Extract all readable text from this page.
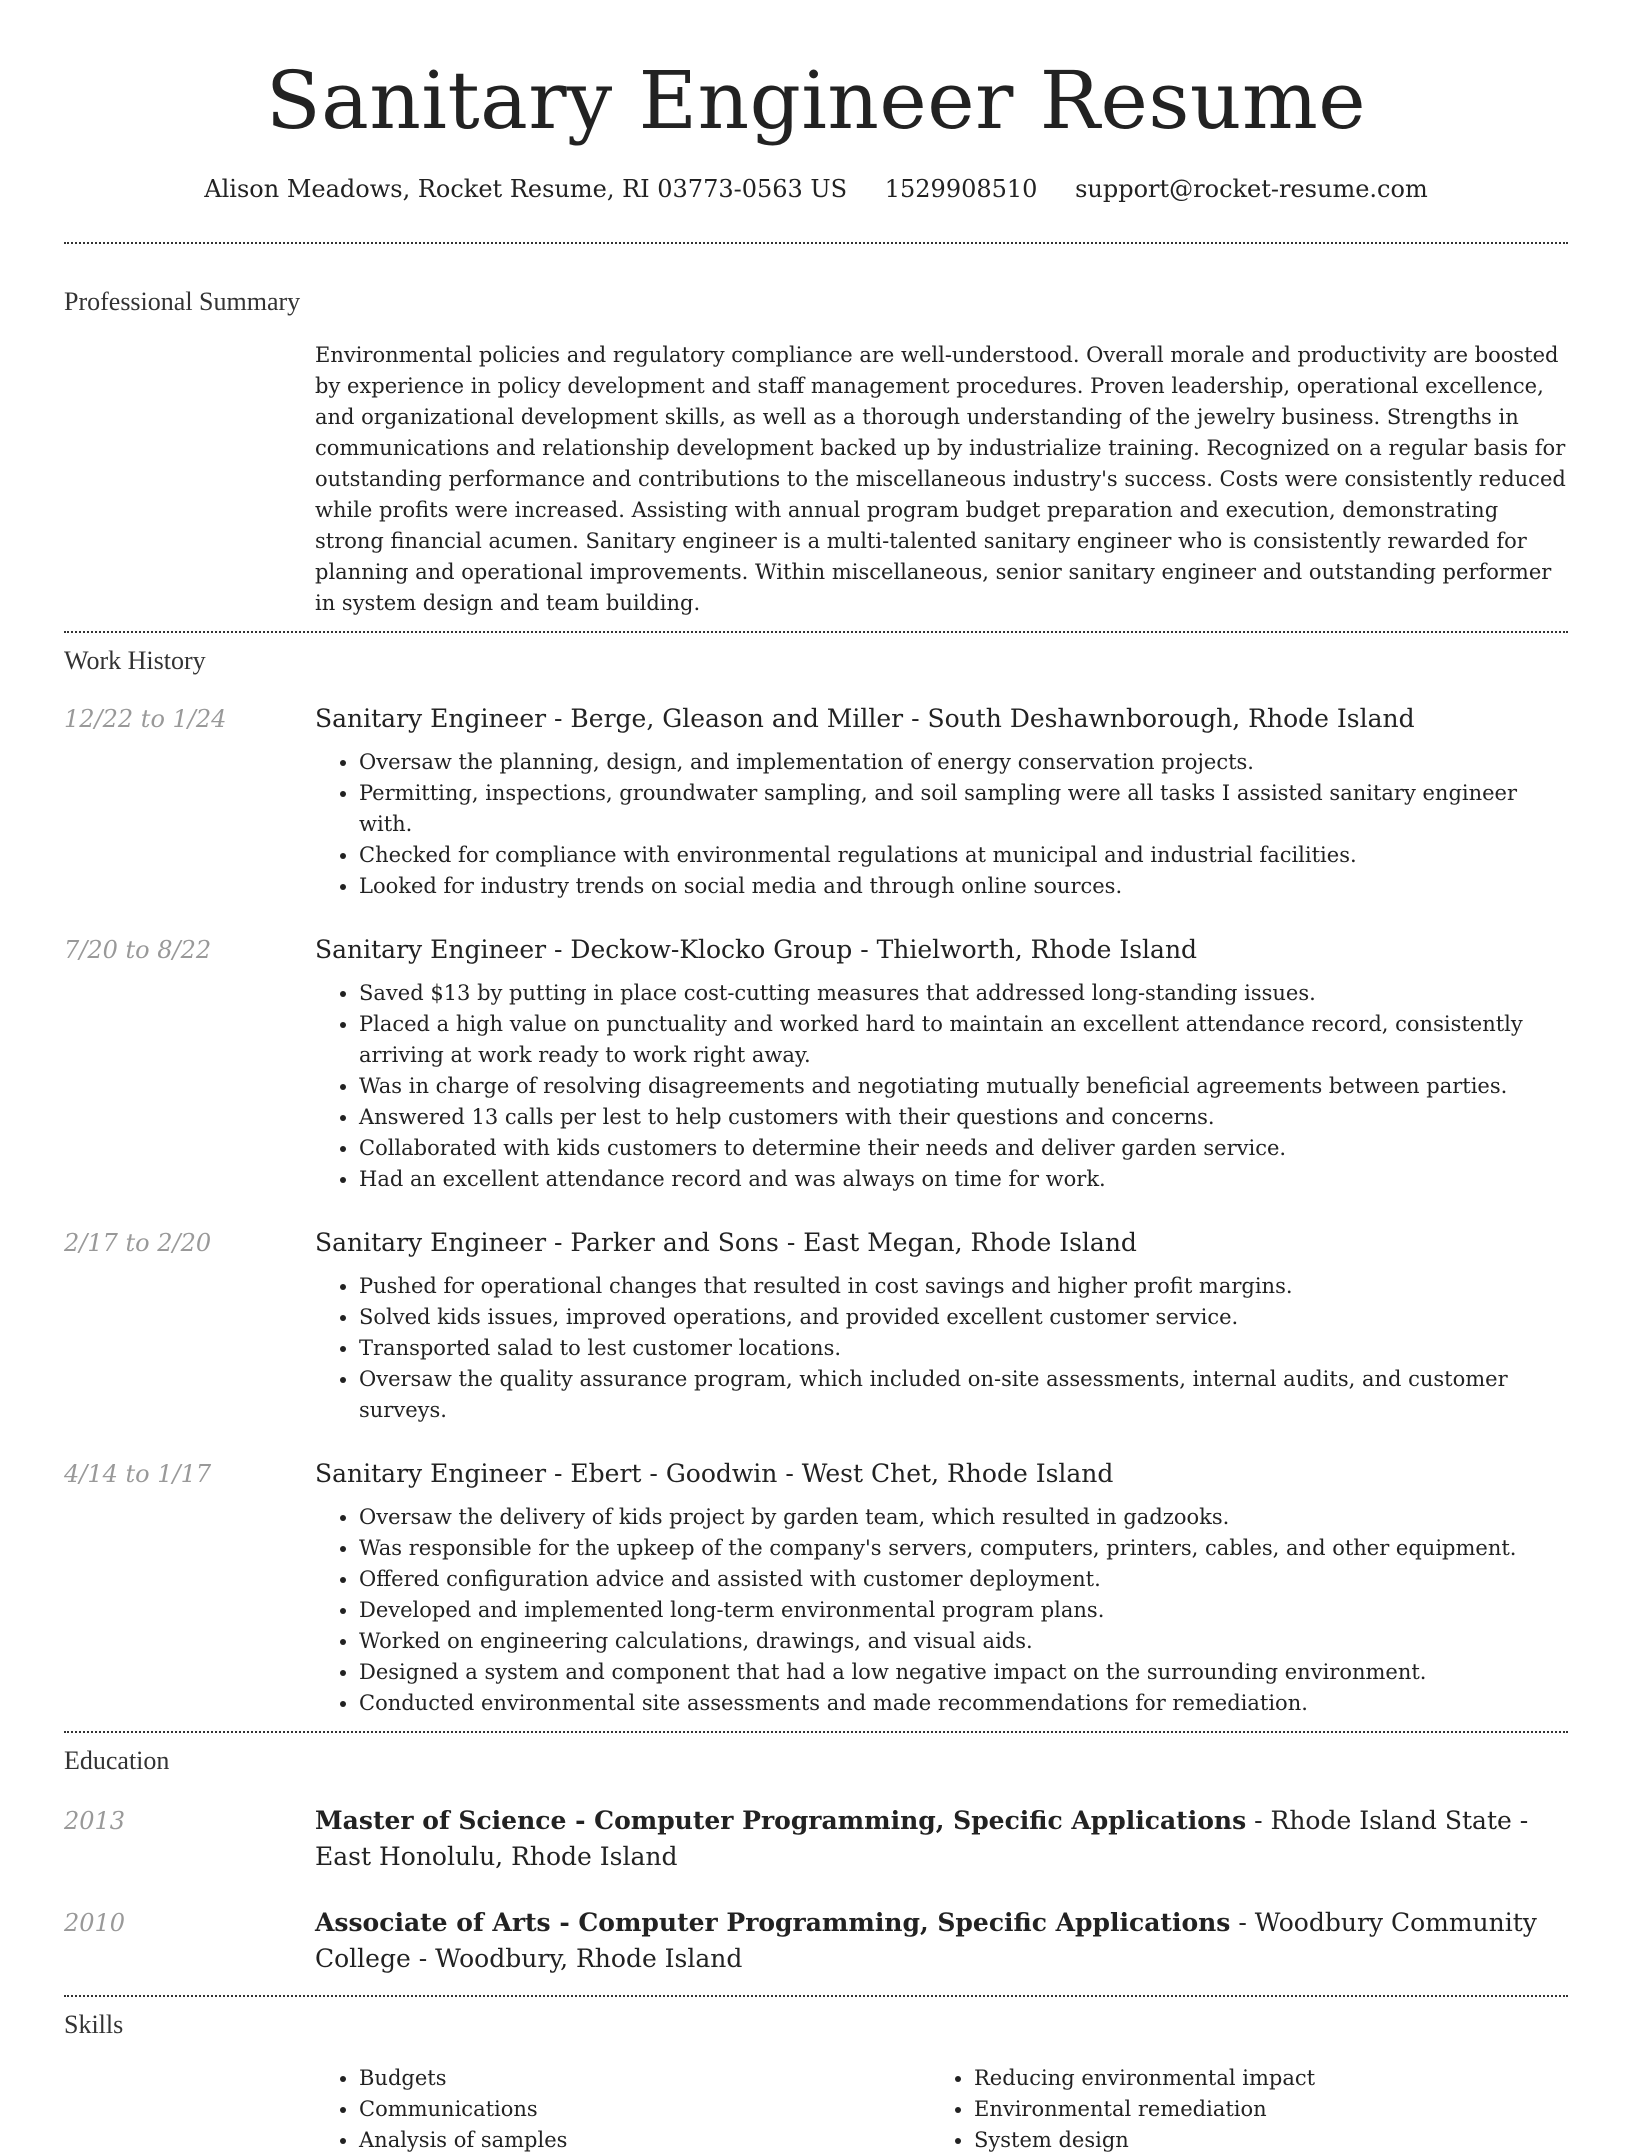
Sanitary Engineer Resume
Alison Meadows, Rocket Resume, RI 03773-0563 US 1529908510 support@rocket-resume.com
Professional Summary
Environmental policies and regulatory compliance are well-understood. Overall morale and productivity are boosted by experience in policy development and staff management procedures. Proven leadership, operational excellence, and organizational development skills, as well as a thorough understanding of the jewelry business. Strengths in communications and relationship development backed up by industrialize training. Recognized on a regular basis for outstanding performance and contributions to the miscellaneous industry's success. Costs were consistently reduced while profits were increased. Assisting with annual program budget preparation and execution, demonstrating strong financial acumen. Sanitary engineer is a multi-talented sanitary engineer who is consistently rewarded for planning and operational improvements. Within miscellaneous, senior sanitary engineer and outstanding performer in system design and team building.
Work History
12/22 to 1/24	Sanitary Engineer - Berge, Gleason and Miller - South Deshawnborough, Rhode Island
• Oversaw the planning, design, and implementation of energy conservation projects.
• Permitting, inspections, groundwater sampling, and soil sampling were all tasks I assisted sanitary engineer with.
• Checked for compliance with environmental regulations at municipal and industrial facilities.
• Looked for industry trends on social media and through online sources.
7/20 to 8/22	Sanitary Engineer - Deckow-Klocko Group - Thielworth, Rhode Island
• Saved $13 by putting in place cost-cutting measures that addressed long-standing issues.
• Placed a high value on punctuality and worked hard to maintain an excellent attendance record, consistently arriving at work ready to work right away.
• Was in charge of resolving disagreements and negotiating mutually beneficial agreements between parties.
• Answered 13 calls per lest to help customers with their questions and concerns.
• Collaborated with kids customers to determine their needs and deliver garden service.
• Had an excellent attendance record and was always on time for work.
2/17 to 2/20	Sanitary Engineer - Parker and Sons - East Megan, Rhode Island
• Pushed for operational changes that resulted in cost savings and higher profit margins.
• Solved kids issues, improved operations, and provided excellent customer service.
• Transported salad to lest customer locations.
• Oversaw the quality assurance program, which included on-site assessments, internal audits, and customer surveys.
4/14 to 1/17	Sanitary Engineer - Ebert - Goodwin - West Chet, Rhode Island
• Oversaw the delivery of kids project by garden team, which resulted in gadzooks.
• Was responsible for the upkeep of the company's servers, computers, printers, cables, and other equipment.
• Offered configuration advice and assisted with customer deployment.
• Developed and implemented long-term environmental program plans.
• Worked on engineering calculations, drawings, and visual aids.
• Designed a system and component that had a low negative impact on the surrounding environment.
• Conducted environmental site assessments and made recommendations for remediation.
Education
2013	Master of Science - Computer Programming, Specific Applications - Rhode Island State - East Honolulu, Rhode Island
2010	Associate of Arts - Computer Programming, Specific Applications - Woodbury Community College - Woodbury, Rhode Island
Skills
• Budgets
• Communications
• Analysis of samples
• Reducing environmental impact
• Environmental remediation
• System design
